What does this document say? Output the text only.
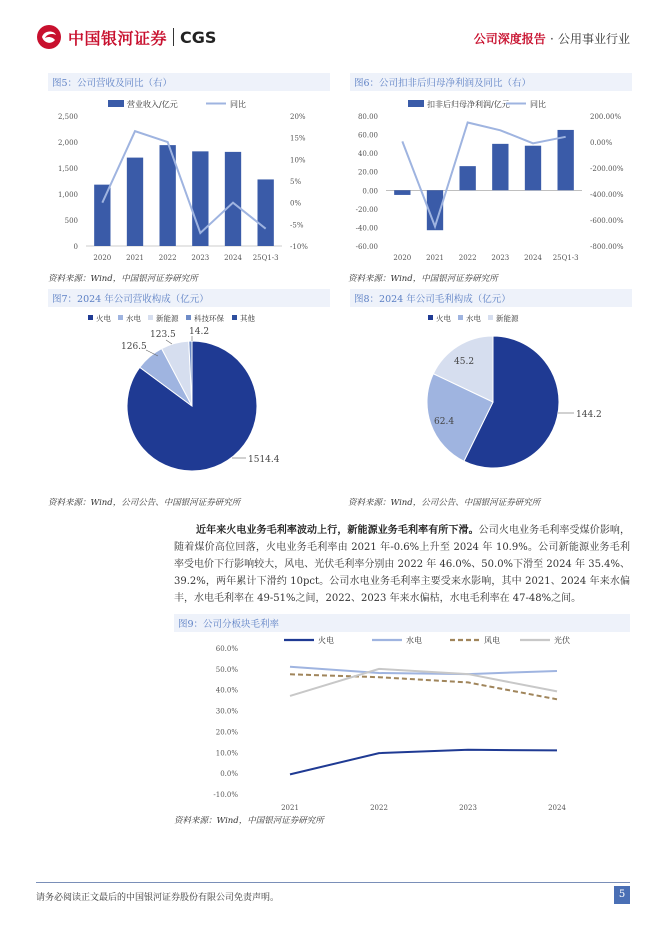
中国银河证券 CGS	公司深度报告 · 公用事业行业
图5：公司营收及同比（右）
营业收入/亿元	同比
0
500
1,000
1,500
2,000
2,500
-10%
-5%
0%
5%
10%
15%
20%
2020 2021 2022 2023 2024 25Q1-3
资料来源：Wind，中国银河证券研究所
图6：公司扣非后归母净利润及同比（右）
扣非后归母净利润/亿元	同比
-60.00
-40.00
-20.00
0.00
20.00
40.00
60.00
80.00
-800.00%
-600.00%
-400.00%
-200.00%
0.00%
200.00%
2020 2021 2022 2023 2024 25Q1-3
资料来源：Wind，中国银河证券研究所
图7：2024 年公司营收构成（亿元）
火电 水电 新能源 科技环保 其他
1514.4
126.5
123.5 14.2
资料来源：Wind，公司公告、中国银河证券研究所
图8：2024 年公司毛利构成（亿元）
火电 水电 新能源
144.2
62.4
45.2
资料来源：Wind，公司公告、中国银河证券研究所
近年来火电业务毛利率波动上行，新能源业务毛利率有所下滑。公司火电业务毛利率受煤价影响，随着煤价高位回落，火电业务毛利率由 2021 年-0.6%上升至 2024 年 10.9%。公司新能源业务毛利率受电价下行影响较大，风电、光伏毛利率分别由 2022 年 46.0%、50.0%下滑至 2024 年 35.4%、39.2%，两年累计下滑约 10pct。公司水电业务毛利率主要受来水影响，其中 2021、2024 年来水偏丰，水电毛利率在 49-51%之间，2022、2023 年来水偏枯，水电毛利率在 47-48%之间。
图9：公司分板块毛利率
火电	水电	风电	光伏
-10.0%
0.0%
10.0%
20.0%
30.0%
40.0%
50.0%
60.0%
2021	2022	2023	2024
资料来源：Wind，中国银河证券研究所
请务必阅读正文最后的中国银河证券股份有限公司免责声明。	5
